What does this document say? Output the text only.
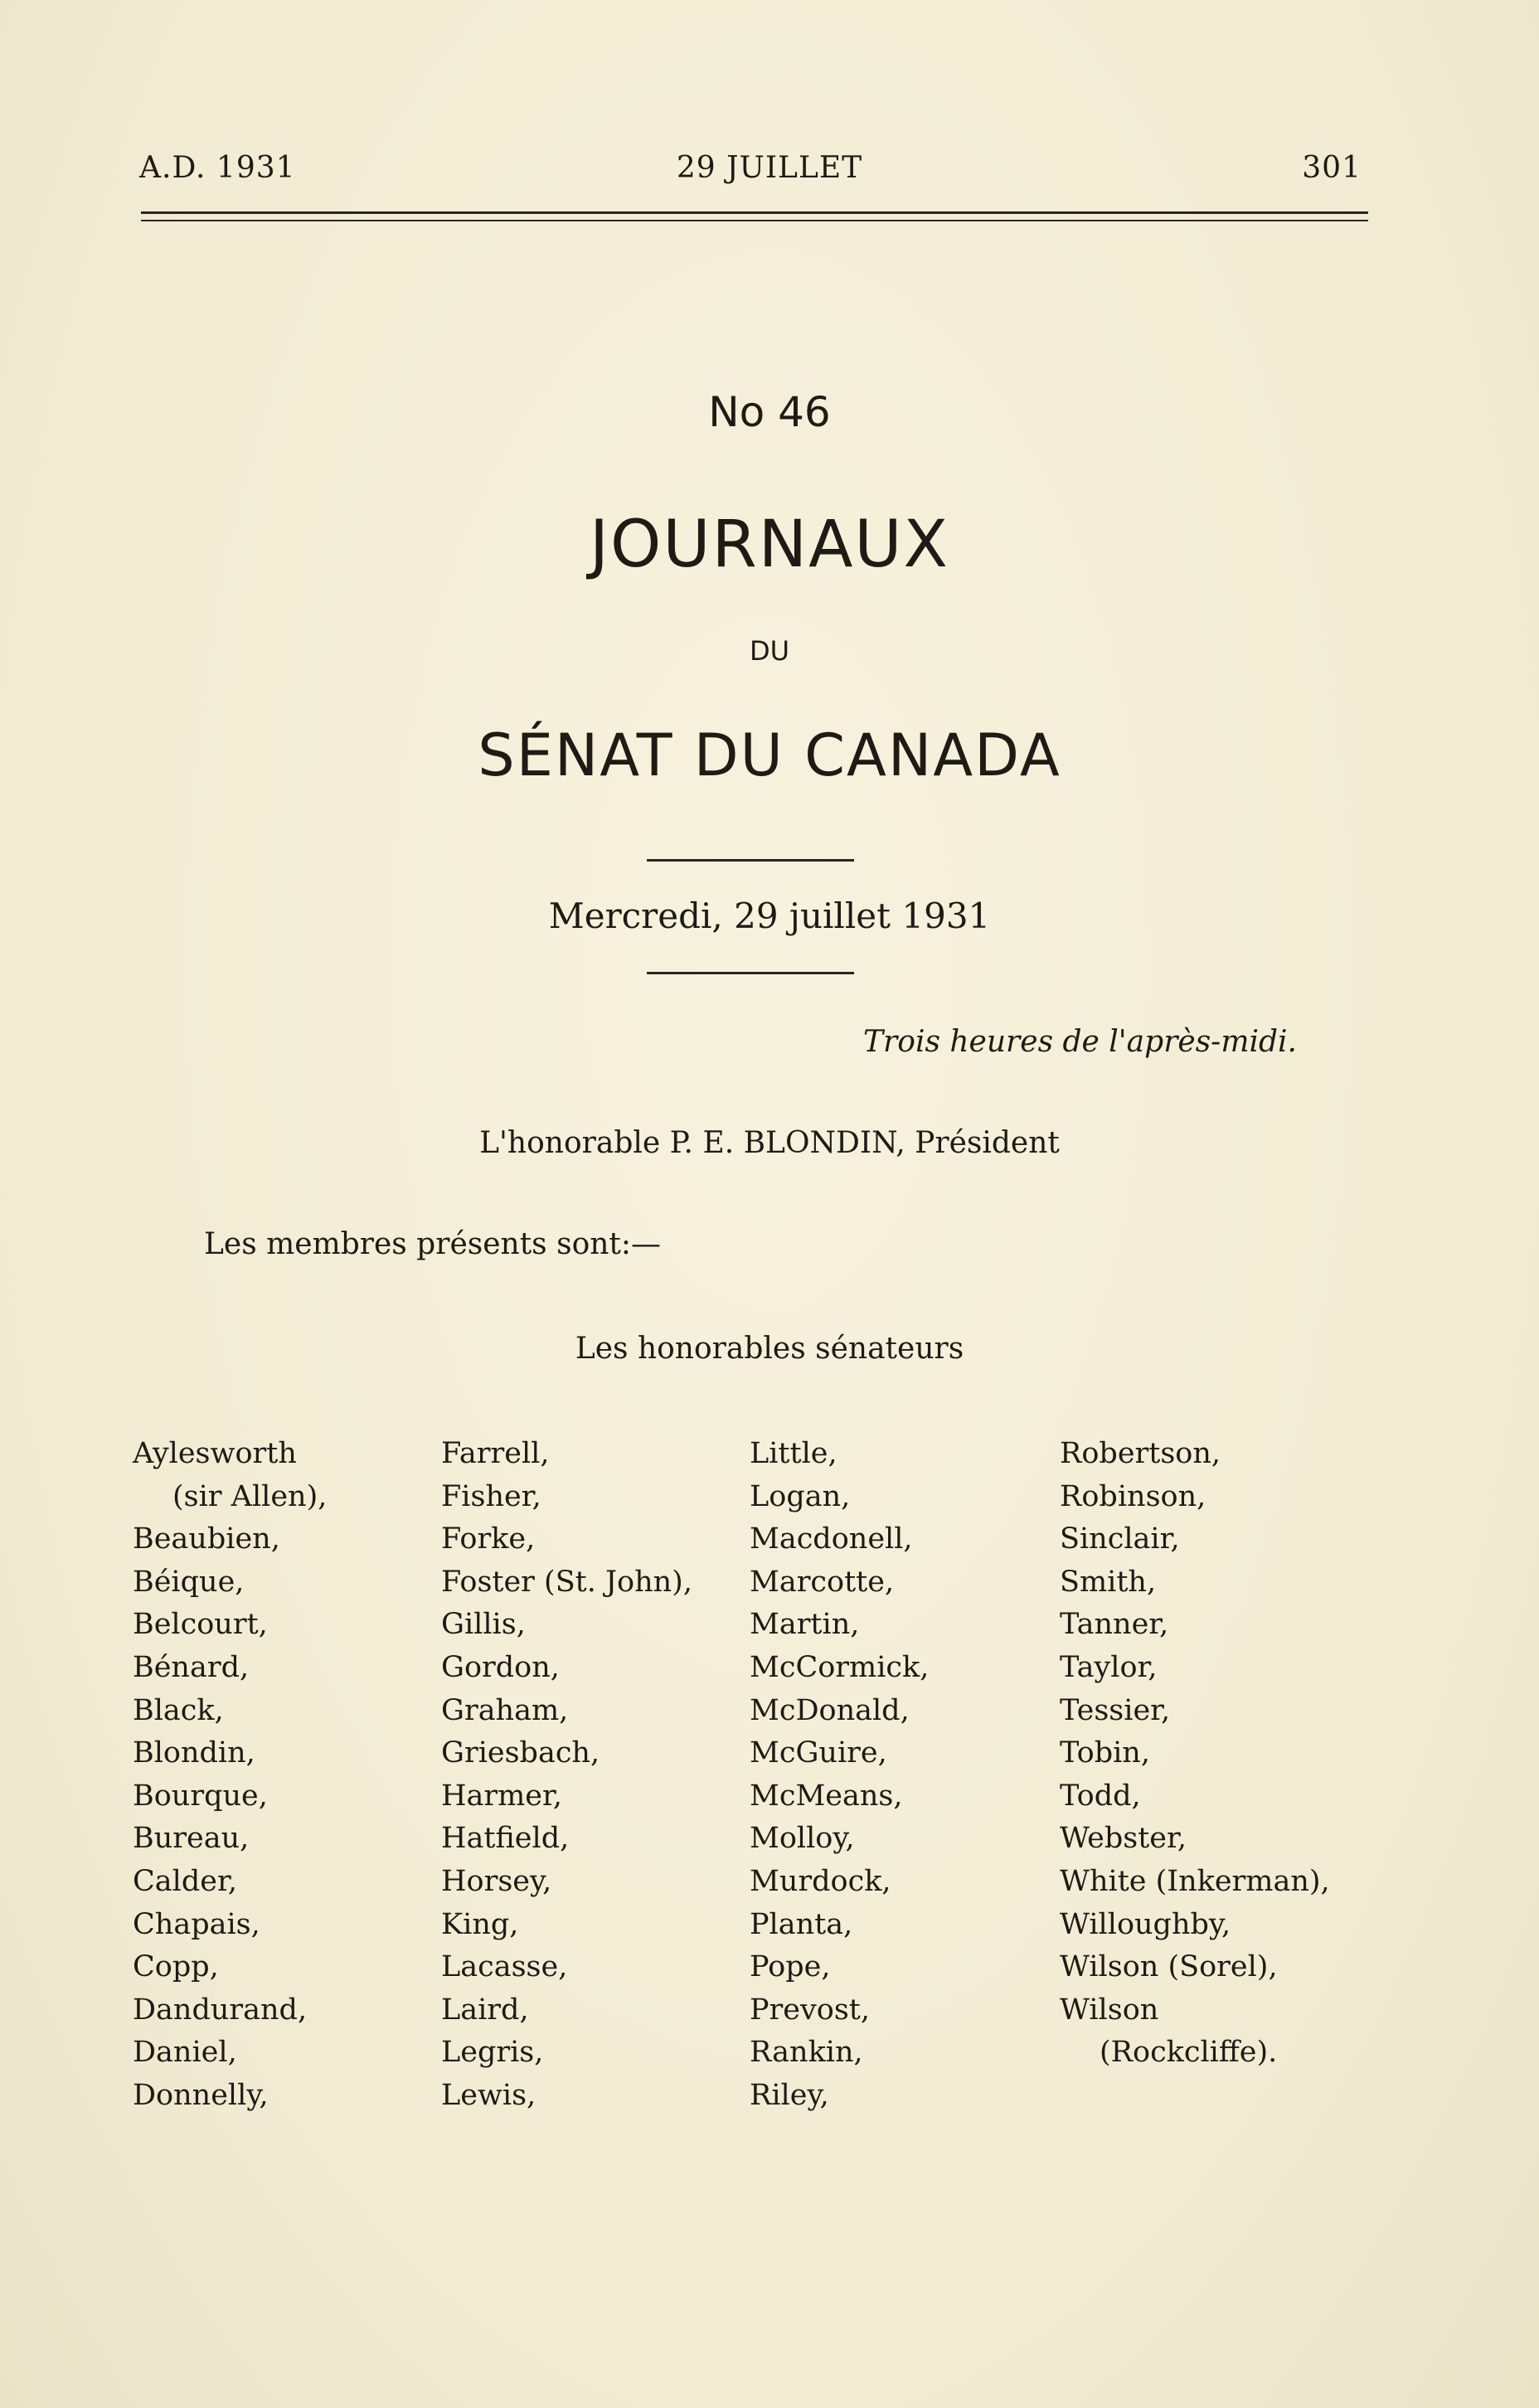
A.D. 1931	29 JUILLET	301
No 46
JOURNAUX
DU
SÉNAT DU CANADA
Mercredi, 29 juillet 1931
Trois heures de l'après-midi.
L'honorable P. E. BLONDIN, Président
Les membres présents sont:—
Les honorables sénateurs
Aylesworth
(sir Allen),
Beaubien,
Béique,
Belcourt,
Bénard,
Black,
Blondin,
Bourque,
Bureau,
Calder,
Chapais,
Copp,
Dandurand,
Daniel,
Donnelly,
Farrell,
Fisher,
Forke,
Foster (St. John),
Gillis,
Gordon,
Graham,
Griesbach,
Harmer,
Hatfield,
Horsey,
King,
Lacasse,
Laird,
Legris,
Lewis,
Little,
Logan,
Macdonell,
Marcotte,
Martin,
McCormick,
McDonald,
McGuire,
McMeans,
Molloy,
Murdock,
Planta,
Pope,
Prevost,
Rankin,
Riley,
Robertson,
Robinson,
Sinclair,
Smith,
Tanner,
Taylor,
Tessier,
Tobin,
Todd,
Webster,
White (Inkerman),
Willoughby,
Wilson (Sorel),
Wilson
(Rockcliffe).
